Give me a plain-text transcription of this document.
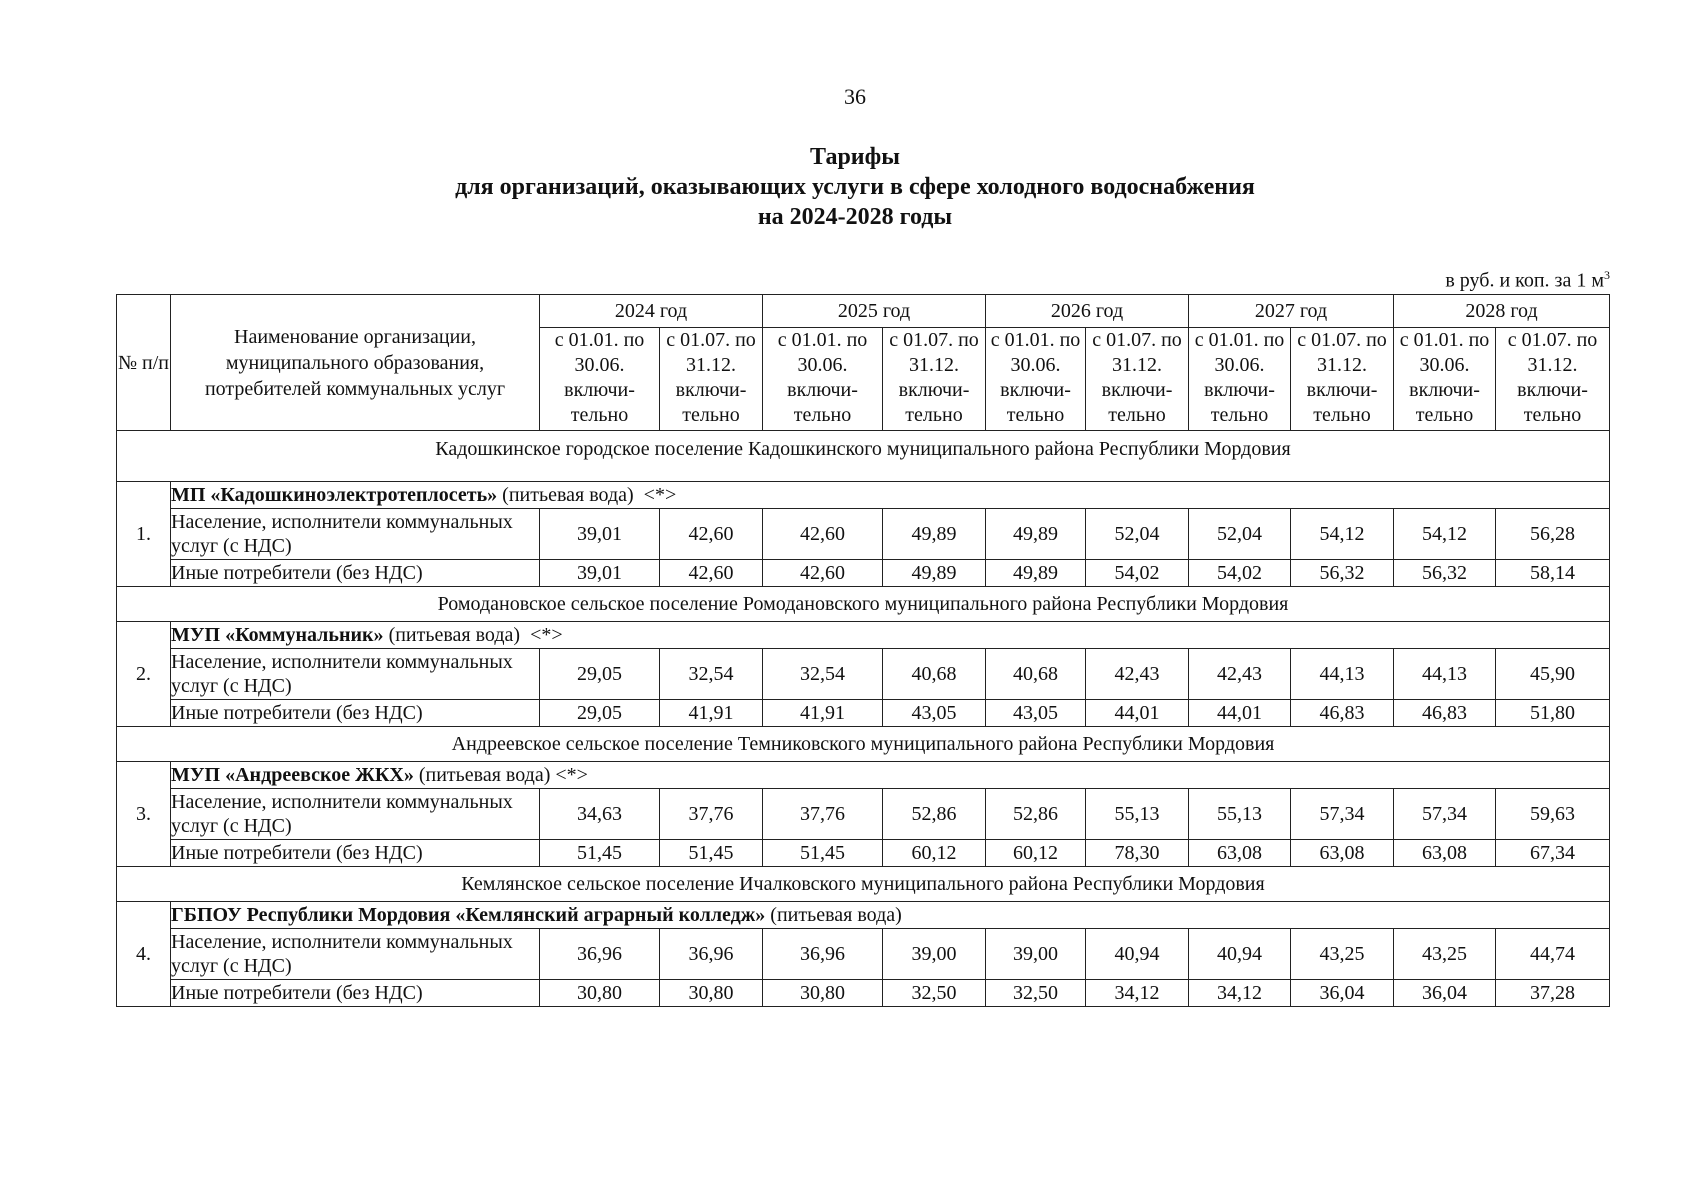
36
Тарифы
для организаций, оказывающих услуги в сфере холодного водоснабжения
на 2024-2028 годы
в руб. и коп. за 1 $м^3$
№ п/п	Наименование организации, муниципального образования, потребителей коммунальных услуг	2024 год		2025 год		2026 год		2027 год		2028 год	
		с 01.01. по 30.06. включи-тельно	с 01.07. по 31.12. включи-тельно	с 01.01. по 30.06. включи-тельно	с 01.07. по 31.12. включи-тельно	с 01.01. по 30.06. включи-тельно	с 01.07. по 31.12. включи-тельно	с 01.01. по 30.06. включи-тельно	с 01.07. по 31.12. включи-тельно	с 01.01. по 30.06. включи-тельно	с 01.07. по 31.12. включи-тельно
Кадошкинское городское поселение Кадошкинского муниципального района Республики Мордовия											
1.	МП «Кадошкиноэлектротеплосеть» (питьевая вода)  <*>										
	Население, исполнители коммунальных услуг (с НДС)	39,01	42,60	42,60	49,89	49,89	52,04	52,04	54,12	54,12	56,28
	Иные потребители (без НДС)	39,01	42,60	42,60	49,89	49,89	54,02	54,02	56,32	56,32	58,14
Ромодановское сельское поселение Ромодановского муниципального района Республики Мордовия											
2.	МУП «Коммунальник» (питьевая вода)  <*>										
	Население, исполнители коммунальных услуг (с НДС)	29,05	32,54	32,54	40,68	40,68	42,43	42,43	44,13	44,13	45,90
	Иные потребители (без НДС)	29,05	41,91	41,91	43,05	43,05	44,01	44,01	46,83	46,83	51,80
Андреевское сельское поселение Темниковского муниципального района Республики Мордовия											
3.	МУП «Андреевское ЖКХ» (питьевая вода) <*>										
	Население, исполнители коммунальных услуг (с НДС)	34,63	37,76	37,76	52,86	52,86	55,13	55,13	57,34	57,34	59,63
	Иные потребители (без НДС)	51,45	51,45	51,45	60,12	60,12	78,30	63,08	63,08	63,08	67,34
Кемлянское сельское поселение Ичалковского муниципального района Республики Мордовия											
4.	ГБПОУ Республики Мордовия «Кемлянский аграрный колледж» (питьевая вода)										
	Население, исполнители коммунальных услуг (с НДС)	36,96	36,96	36,96	39,00	39,00	40,94	40,94	43,25	43,25	44,74
	Иные потребители (без НДС)	30,80	30,80	30,80	32,50	32,50	34,12	34,12	36,04	36,04	37,28
